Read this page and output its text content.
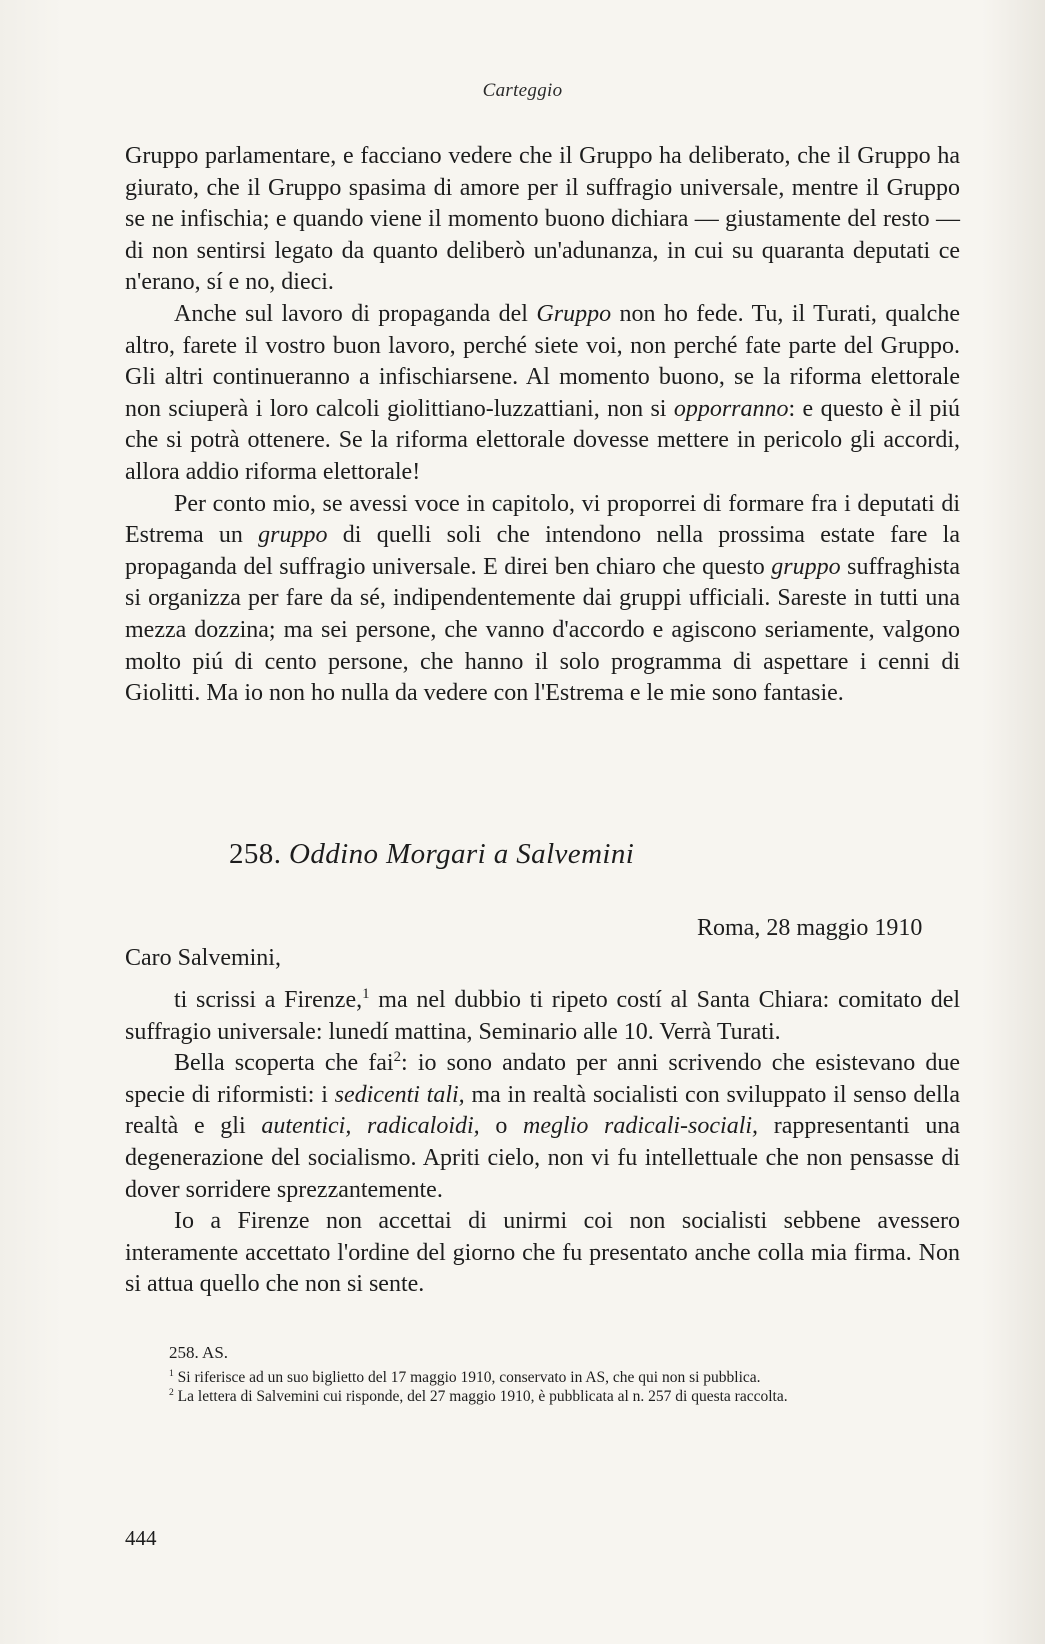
Carteggio

Gruppo parlamentare, e facciano vedere che il Gruppo ha deliberato, che il Gruppo ha giurato, che il Gruppo spasima di amore per il suffragio universale, mentre il Gruppo se ne infischia; e quando viene il momento buono dichiara — giustamente del resto — di non sentirsi legato da quanto deliberò un'adunanza, in cui su quaranta deputati ce n'erano, sí e no, dieci.

Anche sul lavoro di propaganda del Gruppo non ho fede. Tu, il Turati, qualche altro, farete il vostro buon lavoro, perché siete voi, non perché fate parte del Gruppo. Gli altri continueranno a infischiarsene. Al momento buono, se la riforma elettorale non sciuperà i loro calcoli giolittiano-luzzattiani, non si opporranno: e questo è il piú che si potrà ottenere. Se la riforma elettorale dovesse mettere in pericolo gli accordi, allora addio riforma elettorale!

Per conto mio, se avessi voce in capitolo, vi proporrei di formare fra i deputati di Estrema un gruppo di quelli soli che intendono nella prossima estate fare la propaganda del suffragio universale. E direi ben chiaro che questo gruppo suffraghista si organizza per fare da sé, indipendentemente dai gruppi ufficiali. Sareste in tutti una mezza dozzina; ma sei persone, che vanno d'accordo e agiscono seriamente, valgono molto piú di cento persone, che hanno il solo programma di aspettare i cenni di Giolitti. Ma io non ho nulla da vedere con l'Estrema e le mie sono fantasie.

258. Oddino Morgari a Salvemini
Roma, 28 maggio 1910
Caro Salvemini,

ti scrissi a Firenze,$^1$ ma nel dubbio ti ripeto costí al Santa Chiara: comitato del suffragio universale: lunedí mattina, Seminario alle 10. Verrà Turati.

Bella scoperta che fai$^2$: io sono andato per anni scrivendo che esistevano due specie di riformisti: i sedicenti tali, ma in realtà socialisti con sviluppato il senso della realtà e gli autentici, radicaloidi, o meglio radicali-sociali, rappresentanti una degenerazione del socialismo. Apriti cielo, non vi fu intellettuale che non pensasse di dover sorridere sprezzantemente.

Io a Firenze non accettai di unirmi coi non socialisti sebbene avessero interamente accettato l'ordine del giorno che fu presentato anche colla mia firma. Non si attua quello che non si sente.

258. AS.

$^1$ Si riferisce ad un suo biglietto del 17 maggio 1910, conservato in AS, che qui non si pubblica.

$^2$ La lettera di Salvemini cui risponde, del 27 maggio 1910, è pubblicata al n. 257 di questa raccolta.

444
